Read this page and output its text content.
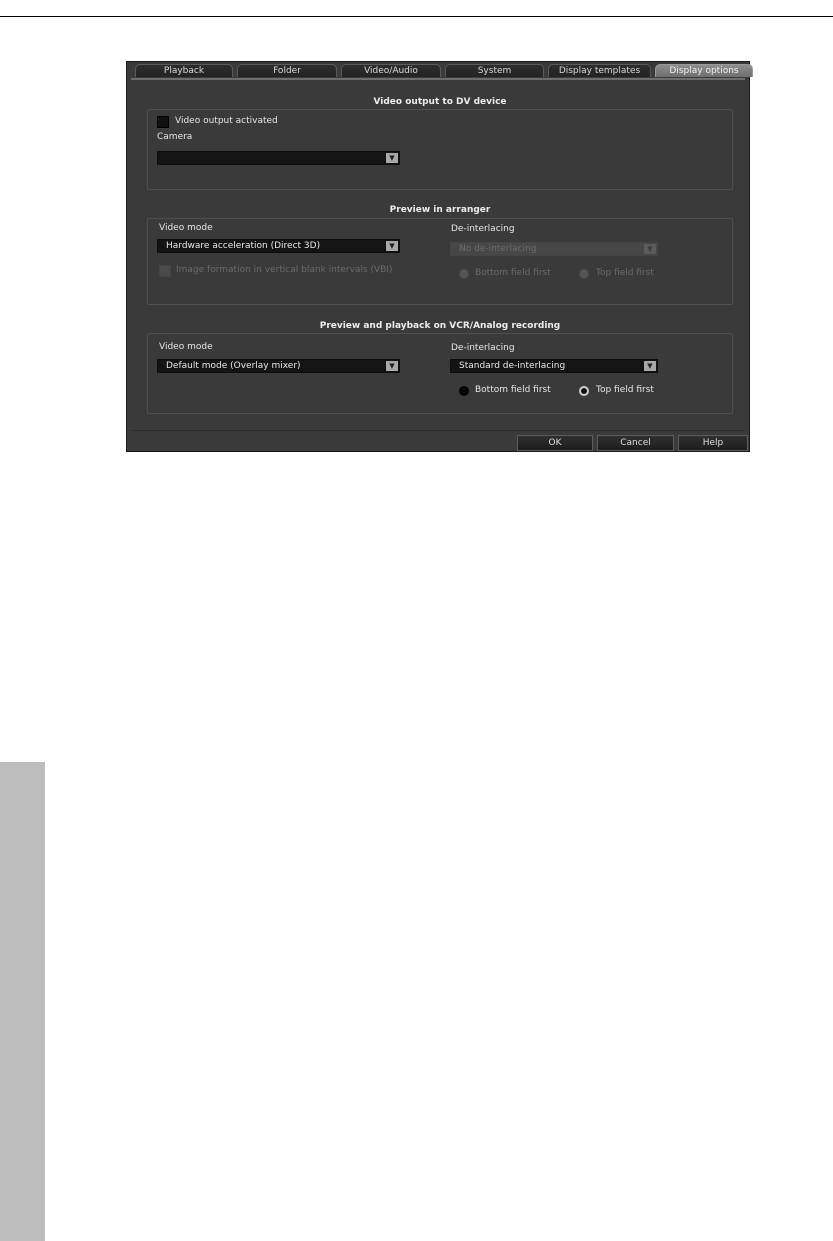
Playback	Folder	Video/Audio	System	Display templates	Display options
Video output to DV device
Video output activated
Camera
▼
Preview in arranger
Video mode
Hardware acceleration (Direct 3D)	▼
Image formation in vertical blank intervals (VBI)
De-interlacing
No de-interlacing	▼
Bottom field first	Top field first
Preview and playback on VCR/Analog recording
Video mode
Default mode (Overlay mixer)	▼
De-interlacing
Standard de-interlacing	▼
Bottom field first	Top field first
OK	Cancel	Help
